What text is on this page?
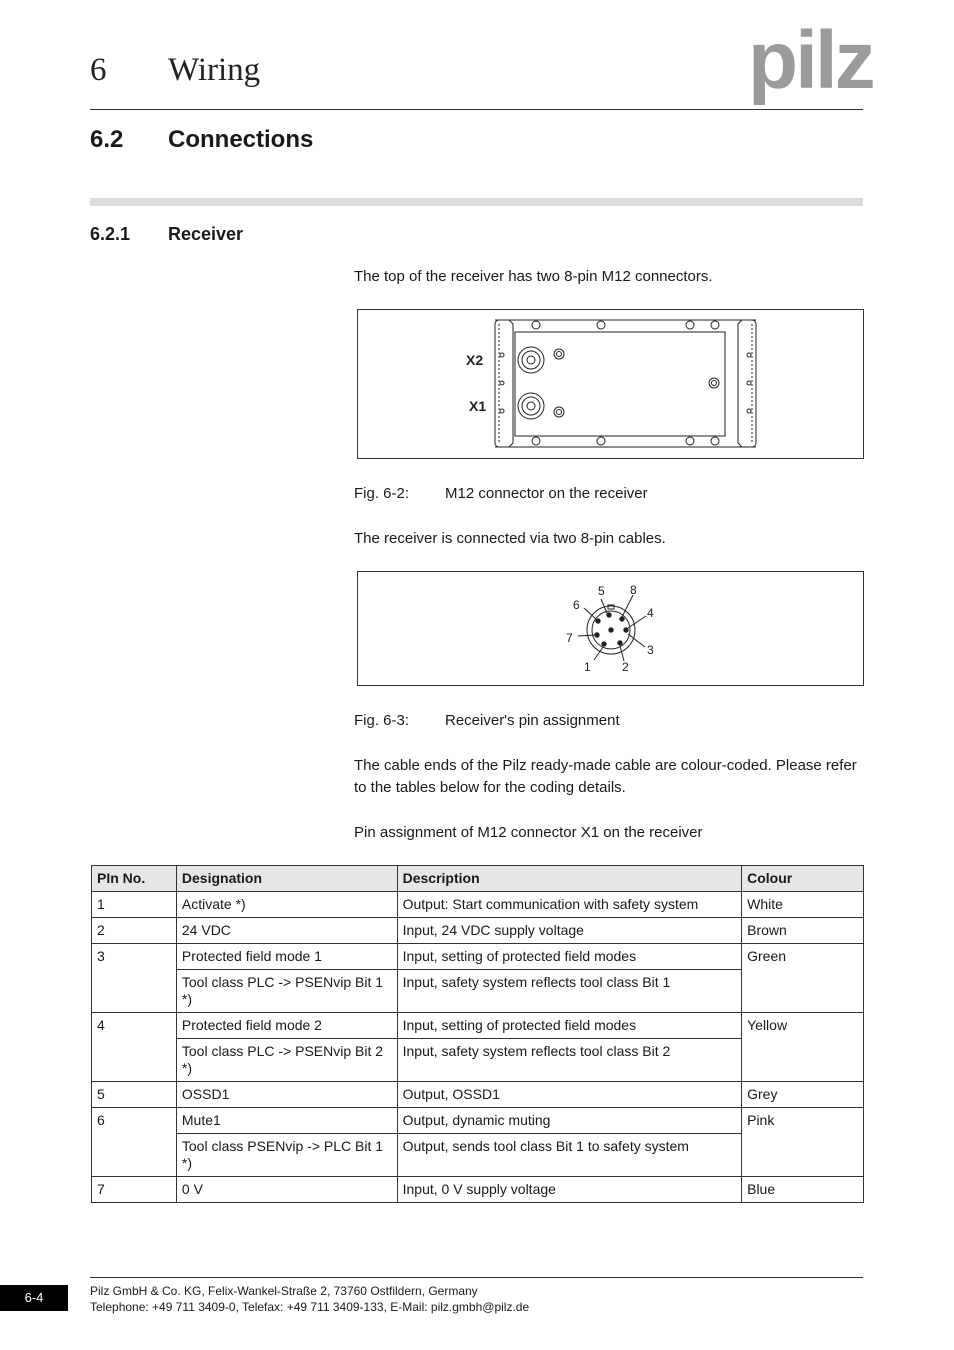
6 Wiring	pilz
6.2 Connections
6.2.1 Receiver
The top of the receiver has two 8-pin M12 connectors.
X2
X1
Fig. 6-2: M12 connector on the receiver
The receiver is connected via two 8-pin cables.
1	2
3
4
5
6
7
8
Fig. 6-3: Receiver's pin assignment
The cable ends of the Pilz ready-made cable are colour-coded. Please refer to the tables below for the coding details.
Pin assignment of M12 connector X1 on the receiver
PIn No.	Designation	Description	Colour
1	Activate *)	Output: Start communication with safety system	White
2	24 VDC	Input, 24 VDC supply voltage	Brown
3	Protected field mode 1	Input, setting of protected field modes	Green
	Tool class PLC -> PSENvip Bit 1 *)	Input, safety system reflects tool class Bit 1	
4	Protected field mode 2	Input, setting of protected field modes	Yellow
	Tool class PLC -> PSENvip Bit 2 *)	Input, safety system reflects tool class Bit 2	
5	OSSD1	Output, OSSD1	Grey
6	Mute1	Output, dynamic muting	Pink
	Tool class PSENvip -> PLC Bit 1 *)	Output, sends tool class Bit 1 to safety system	
7	0 V	Input, 0 V supply voltage	Blue
6-4	Pilz GmbH & Co. KG, Felix-Wankel-Straße 2, 73760 Ostfildern, Germany
Telephone: +49 711 3409-0, Telefax: +49 711 3409-133, E-Mail: pilz.gmbh@pilz.de
